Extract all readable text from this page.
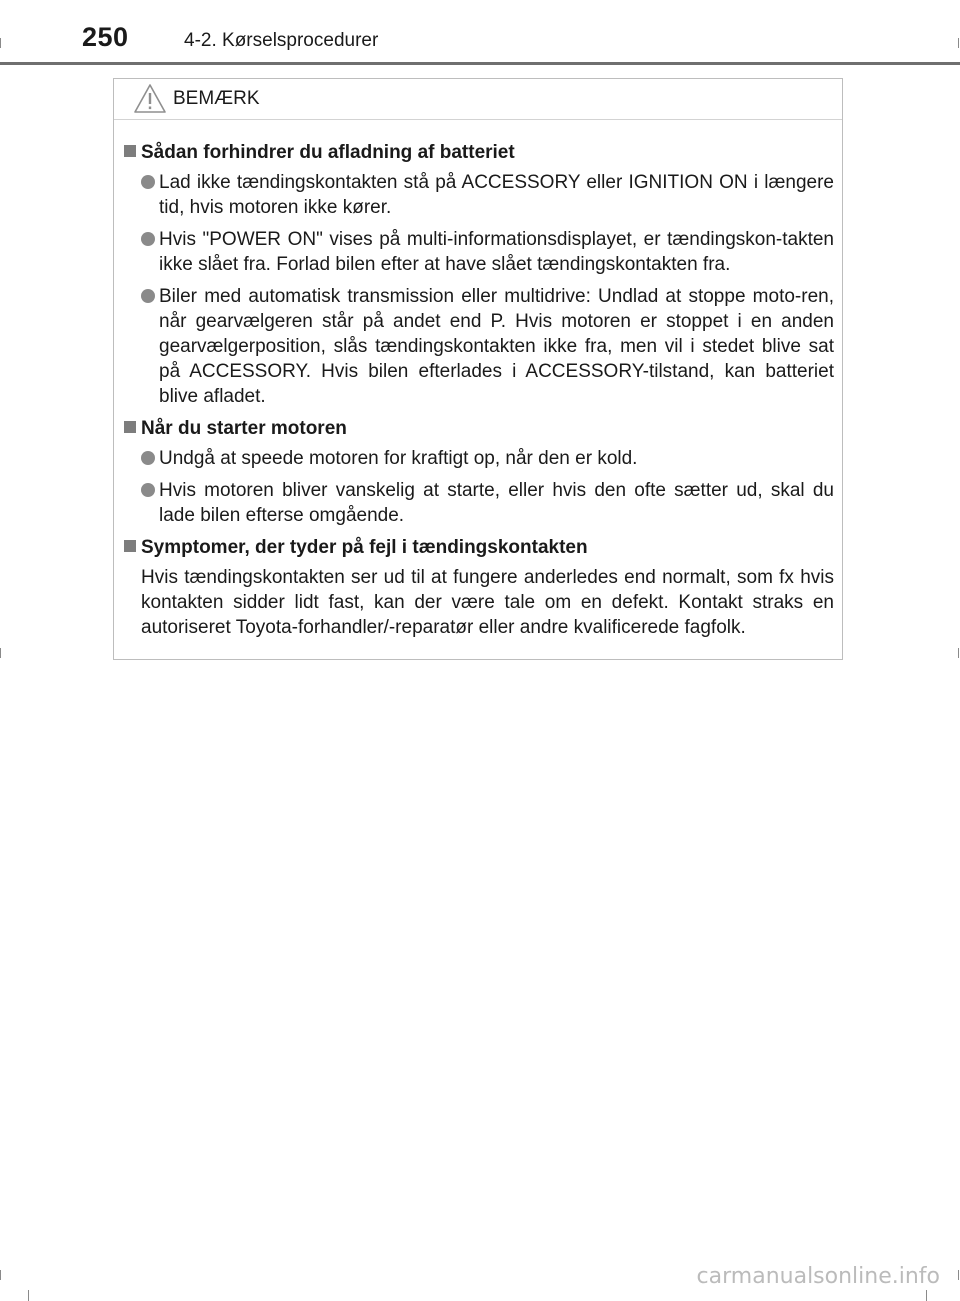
250	4-2. Kørselsprocedurer
BEMÆRK
Sådan forhindrer du afladning af batteriet
Lad ikke tændingskontakten stå på ACCESSORY eller IGNITION ON i længere tid, hvis motoren ikke kører.
Hvis "POWER ON" vises på multi-informationsdisplayet, er tændingskon-takten ikke slået fra. Forlad bilen efter at have slået tændingskontakten fra.
Biler med automatisk transmission eller multidrive: Undlad at stoppe moto-ren, når gearvælgeren står på andet end P. Hvis motoren er stoppet i en anden gearvælgerposition, slås tændingskontakten ikke fra, men vil i stedet blive sat på ACCESSORY. Hvis bilen efterlades i ACCESSORY-tilstand, kan batteriet blive afladet.
Når du starter motoren
Undgå at speede motoren for kraftigt op, når den er kold.
Hvis motoren bliver vanskelig at starte, eller hvis den ofte sætter ud, skal du lade bilen efterse omgående.
Symptomer, der tyder på fejl i tændingskontakten
Hvis tændingskontakten ser ud til at fungere anderledes end normalt, som fx hvis kontakten sidder lidt fast, kan der være tale om en defekt. Kontakt straks en autoriseret Toyota-forhandler/-reparatør eller andre kvalificerede fagfolk.
carmanualsonline.info
